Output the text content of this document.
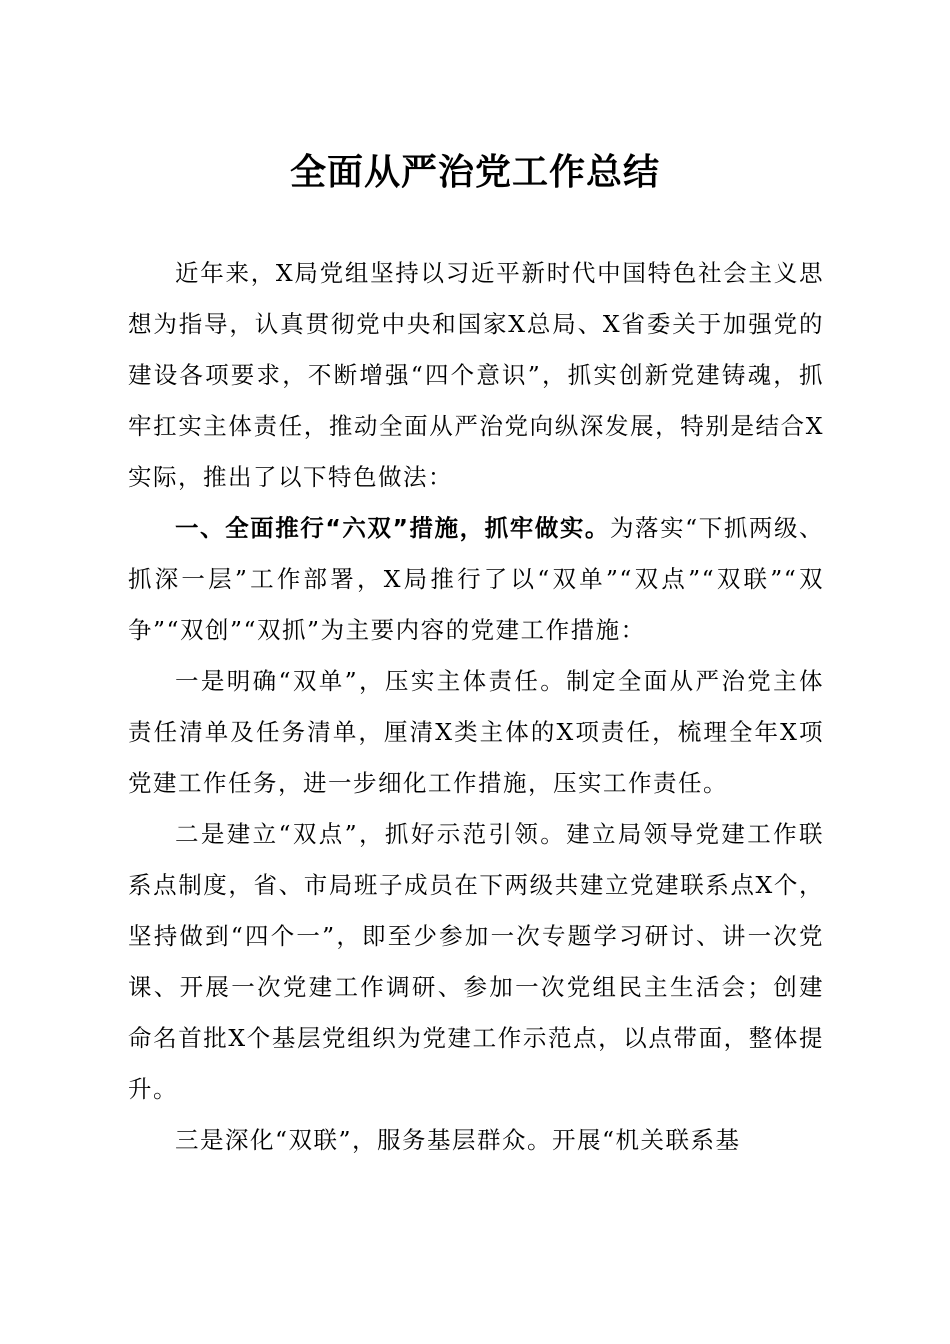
全面从严治党工作总结

近年来，X局党组坚持以习近平新时代中国特色社会主义思想为指导，认真贯彻党中央和国家X总局、X省委关于加强党的建设各项要求，不断增强“四个意识”，抓实创新党建铸魂，抓牢扛实主体责任，推动全面从严治党向纵深发展，特别是结合X实际，推出了以下特色做法：

一、全面推行“六双”措施，抓牢做实。为落实“下抓两级、抓深一层”工作部署，X局推行了以“双单”“双点”“双联”“双争”“双创”“双抓”为主要内容的党建工作措施：

一是明确“双单”，压实主体责任。制定全面从严治党主体责任清单及任务清单，厘清X类主体的X项责任，梳理全年X项党建工作任务，进一步细化工作措施，压实工作责任。

二是建立“双点”，抓好示范引领。建立局领导党建工作联系点制度，省、市局班子成员在下两级共建立党建联系点X个，坚持做到“四个一”，即至少参加一次专题学习研讨、讲一次党课、开展一次党建工作调研、参加一次党组民主生活会；创建命名首批X个基层党组织为党建工作示范点，以点带面，整体提升。

三是深化“双联”，服务基层群众。开展“机关联系基
